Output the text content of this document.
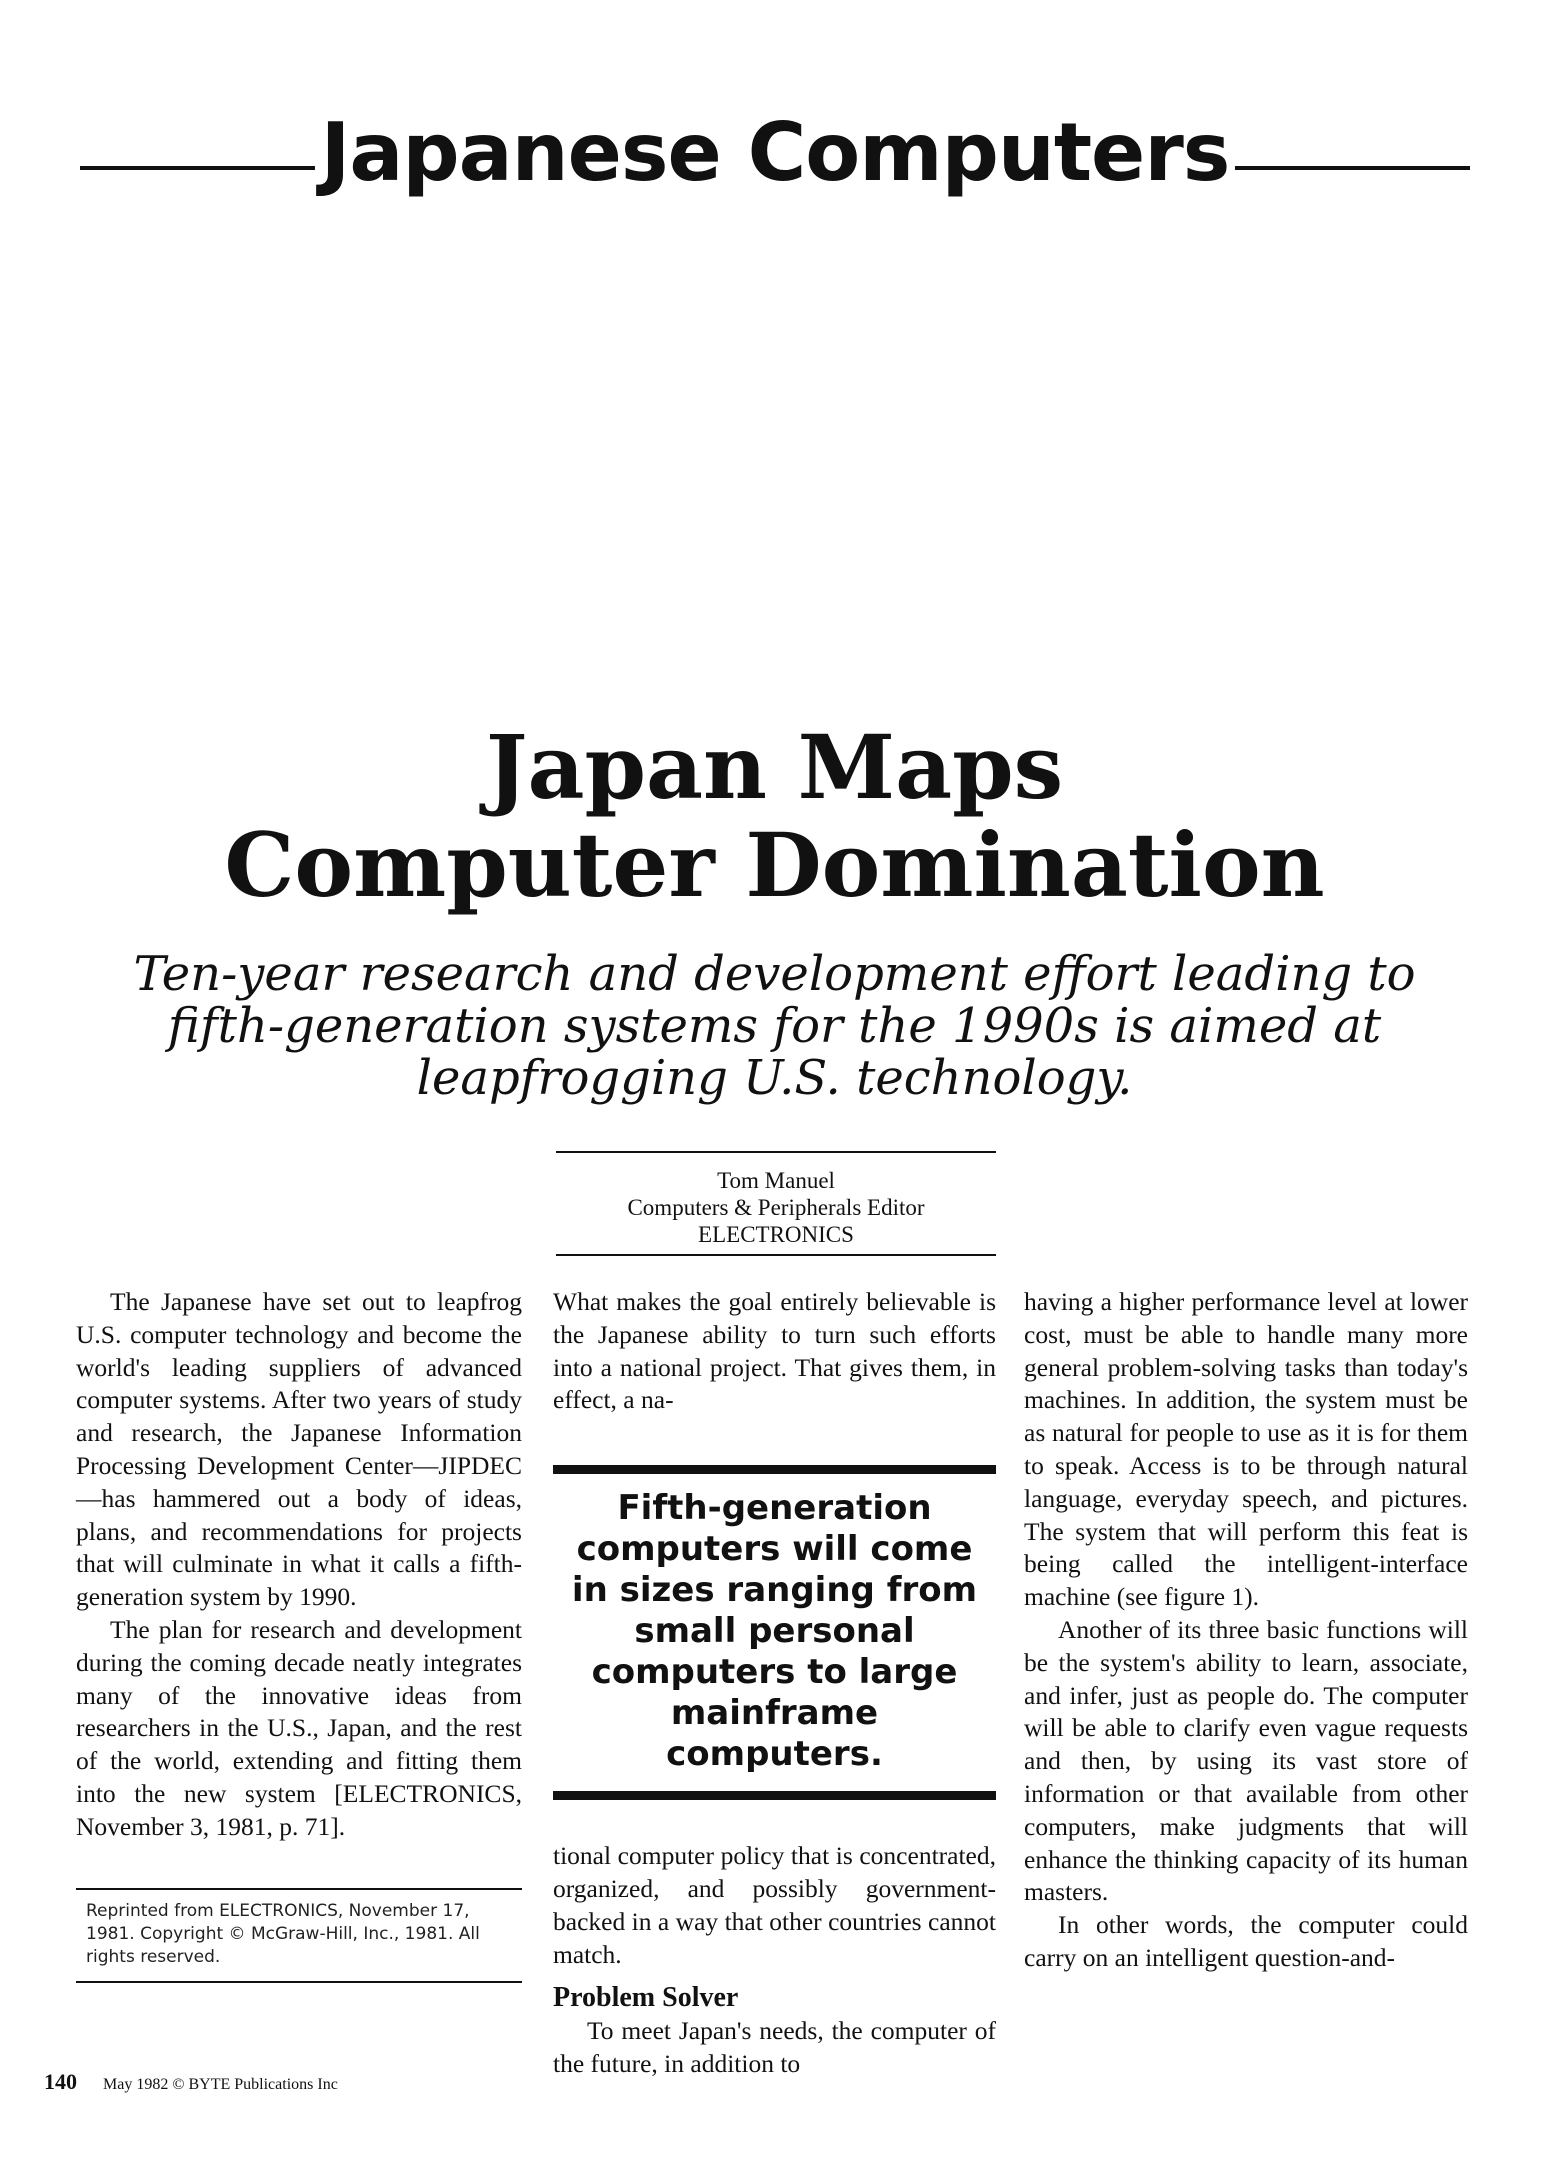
Japanese Computers
Japan Maps
Computer Domination

Ten-year research and development effort leading to fifth-generation systems for the 1990s is aimed at leapfrogging U.S. technology.

Tom Manuel
Computers & Peripherals Editor
ELECTRONICS

The Japanese have set out to leapfrog U.S. computer technology and become the world's leading suppliers of advanced computer systems. After two years of study and research, the Japanese Information Processing Development Center—JIPDEC—has hammered out a body of ideas, plans, and recommendations for projects that will culminate in what it calls a fifth-generation system by 1990.

The plan for research and development during the coming decade neatly integrates many of the innovative ideas from researchers in the U.S., Japan, and the rest of the world, extending and fitting them into the new system [ELECTRONICS, November 3, 1981, p. 71].

Reprinted from ELECTRONICS, November 17, 1981. Copyright © McGraw-Hill, Inc., 1981. All rights reserved.

What makes the goal entirely believable is the Japanese ability to turn such efforts into a national project. That gives them, in effect, a na-

Fifth-generation computers will come in sizes ranging from small personal computers to large mainframe computers.

tional computer policy that is concentrated, organized, and possibly government-backed in a way that other countries cannot match.

Problem Solver

To meet Japan's needs, the computer of the future, in addition to

having a higher performance level at lower cost, must be able to handle many more general problem-solving tasks than today's machines. In addition, the system must be as natural for people to use as it is for them to speak. Access is to be through natural language, everyday speech, and pictures. The system that will perform this feat is being called the intelligent-interface machine (see figure 1).

Another of its three basic functions will be the system's ability to learn, associate, and infer, just as people do. The computer will be able to clarify even vague requests and then, by using its vast store of information or that available from other computers, make judgments that will enhance the thinking capacity of its human masters.

In other words, the computer could carry on an intelligent question-and-

140 May 1982 © BYTE Publications Inc
